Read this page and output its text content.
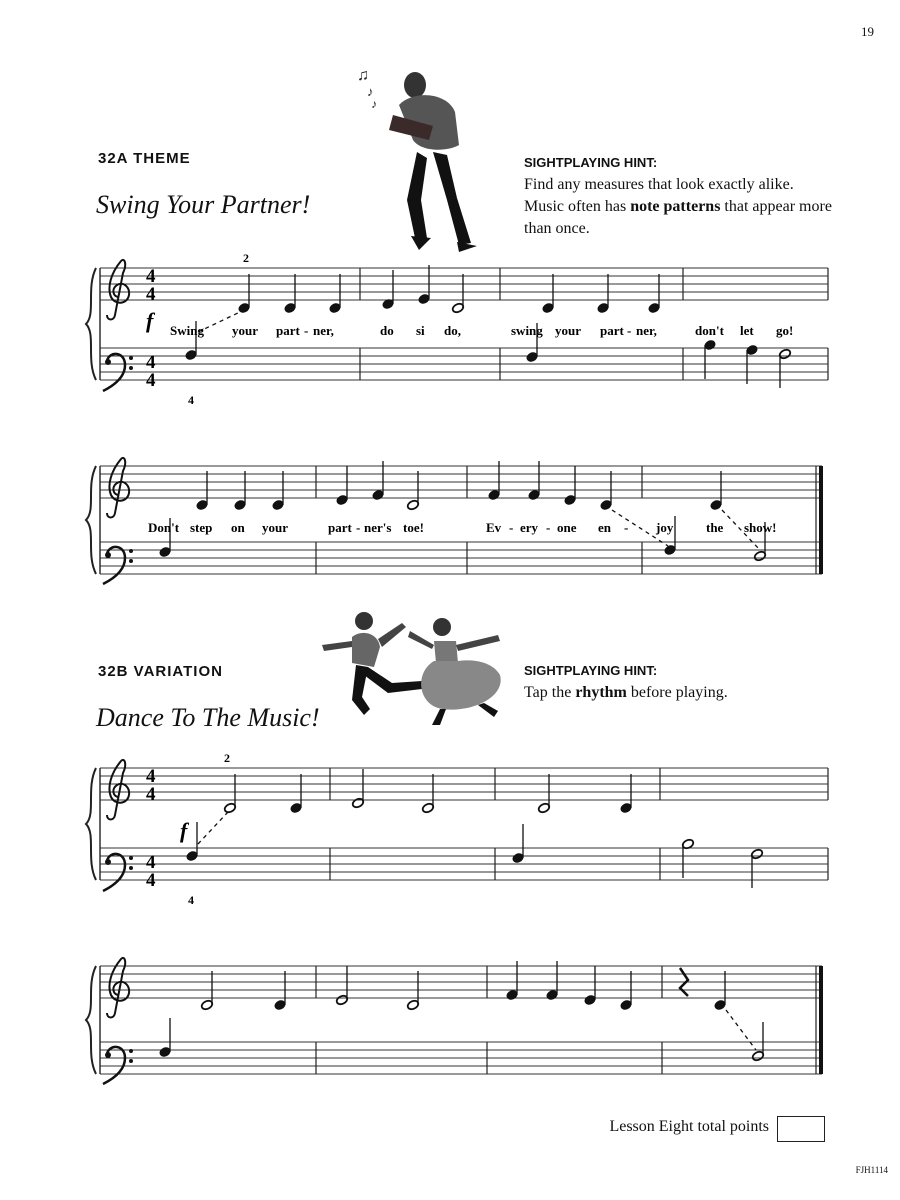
19
♫
♪
♪
32A THEME
Swing Your Partner!
SIGHTPLAYING HINT:
Find any measures that look exactly alike. Music often has note patterns that appear more than once.
32B VARIATION
Dance To The Music!
SIGHTPLAYING HINT:
Tap the rhythm before playing.
4
4
4
4
4
4
4
4
f
2
4
f
2
4
Swing your part - ner,	do si do,	swing your part - ner,	don't let go!
Don't step on your	part - ner's toe!	Ev - ery - one en - joy	the show!
Lesson Eight total points
FJH1114
